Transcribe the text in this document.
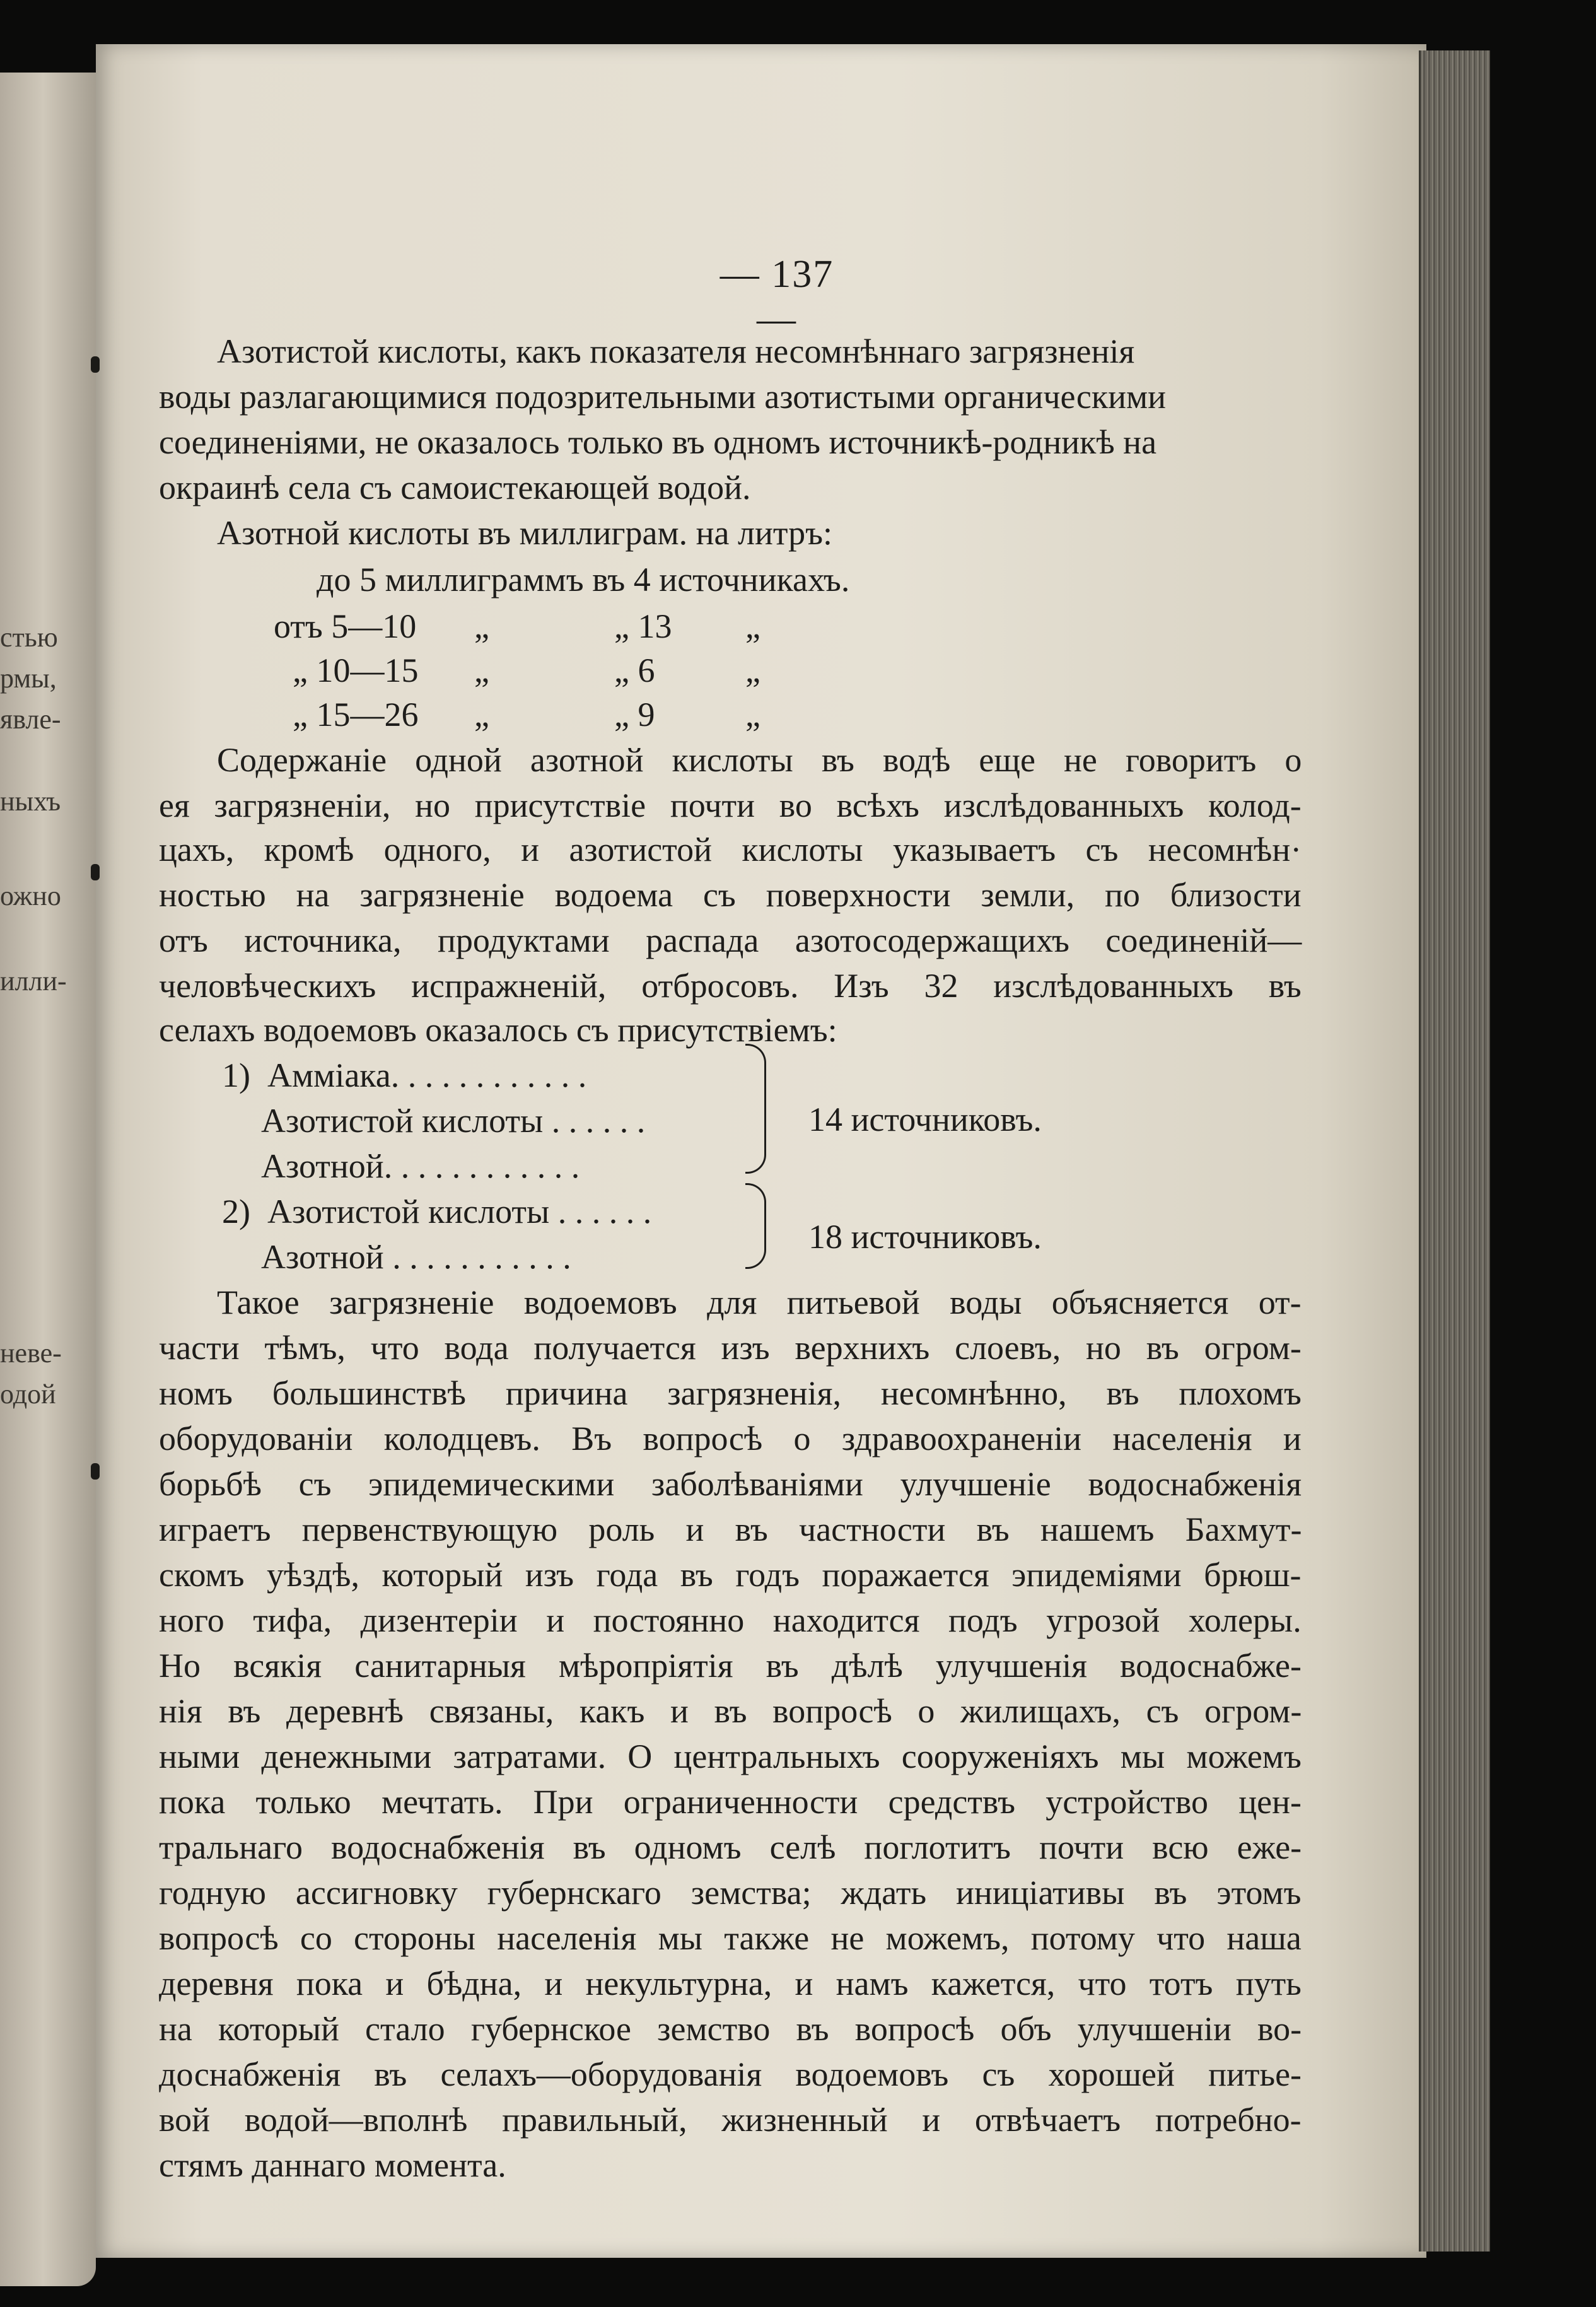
стью
рмы,
явле-
ныхъ
ожно
илли-
неве-
одой
— 137 —
Азотистой кислоты, какъ показателя несомнѣннаго загрязненія
воды разлагающимися подозрительными азотистыми органическими
соединеніями, не оказалось только въ одномъ источникѣ-родникѣ на
окраинѣ села съ самоистекающей водой.
Азотной кислоты въ миллиграм. на литръ:
до 5 миллиграммъ въ 4 источникахъ.
отъ 5—10 „	„ 13 „
„ 10—15 „	„ 6	„
„ 15—26 „	„ 9	„
Содержаніе одной азотной кислоты въ водѣ еще не говоритъ о
ея загрязненіи, но присутствіе почти во всѣхъ изслѣдованныхъ колод-
цахъ, кромѣ одного, и азотистой кислоты указываетъ съ несомнѣн·
ностью на загрязненіе водоема съ поверхности земли, по близости
отъ источника, продуктами распада азотосодержащихъ соединеній—
человѣческихъ испражненій, отбросовъ. Изъ 32 изслѣдованныхъ въ
селахъ водоемовъ оказалось съ присутствіемъ:
1) Амміака. . . . . . . . . . . .
Азотистой кислоты . . . . . .
Азотной. . . . . . . . . . . .
14 источниковъ.
2) Азотистой кислоты . . . . . .
Азотной . . . . . . . . . . .
18 источниковъ.
Такое загрязненіе водоемовъ для питьевой воды объясняется от-
части тѣмъ, что вода получается изъ верхнихъ слоевъ, но въ огром-
номъ большинствѣ причина загрязненія, несомнѣнно, въ плохомъ
оборудованіи колодцевъ. Въ вопросѣ о здравоохраненіи населенія и
борьбѣ съ эпидемическими заболѣваніями улучшеніе водоснабженія
играетъ первенствующую роль и въ частности въ нашемъ Бахмут-
скомъ уѣздѣ, который изъ года въ годъ поражается эпидеміями брюш-
ного тифа, дизентеріи и постоянно находится подъ угрозой холеры.
Но всякія санитарныя мѣропріятія въ дѣлѣ улучшенія водоснабже-
нія въ деревнѣ связаны, какъ и въ вопросѣ о жилищахъ, съ огром-
ными денежными затратами. О центральныхъ сооруженіяхъ мы можемъ
пока только мечтать. При ограниченности средствъ устройство цен-
тральнаго водоснабженія въ одномъ селѣ поглотитъ почти всю еже-
годную ассигновку губернскаго земства; ждать иниціативы въ этомъ
вопросѣ со стороны населенія мы также не можемъ, потому что наша
деревня пока и бѣдна, и некультурна, и намъ кажется, что тотъ путь
на который стало губернское земство въ вопросѣ объ улучшеніи во-
доснабженія въ селахъ—оборудованія водоемовъ съ хорошей питье-
вой водой—вполнѣ правильный, жизненный и отвѣчаетъ потребно-
стямъ даннаго момента.
